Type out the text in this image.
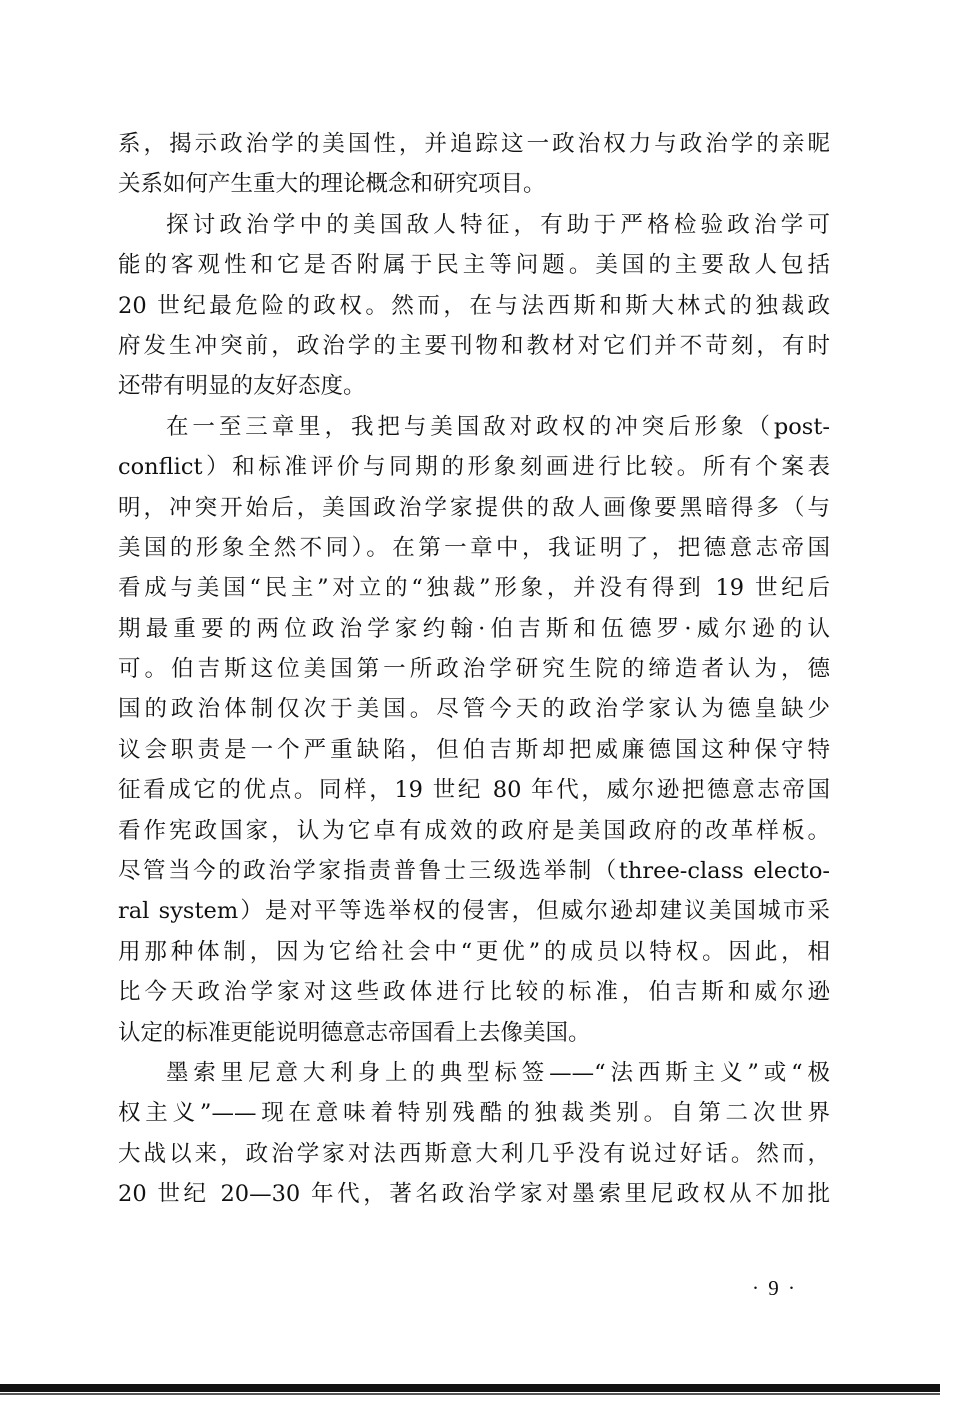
系，揭示政治学的美国性，并追踪这一政治权力与政治学的亲昵
关系如何产生重大的理论概念和研究项目。
探讨政治学中的美国敌人特征，有助于严格检验政治学可
能的客观性和它是否附属于民主等问题。美国的主要敌人包括
20 世纪最危险的政权。然而，在与法西斯和斯大林式的独裁政
府发生冲突前，政治学的主要刊物和教材对它们并不苛刻，有时
还带有明显的友好态度。
在一至三章里，我把与美国敌对政权的冲突后形象（post-
conflict）和标准评价与同期的形象刻画进行比较。所有个案表
明，冲突开始后，美国政治学家提供的敌人画像要黑暗得多（与
美国的形象全然不同）。在第一章中，我证明了，把德意志帝国
看成与美国“民主”对立的“独裁”形象，并没有得到 19 世纪后
期最重要的两位政治学家约翰·伯吉斯和伍德罗·威尔逊的认
可。伯吉斯这位美国第一所政治学研究生院的缔造者认为，德
国的政治体制仅次于美国。尽管今天的政治学家认为德皇缺少
议会职责是一个严重缺陷，但伯吉斯却把威廉德国这种保守特
征看成它的优点。同样，19 世纪 80 年代，威尔逊把德意志帝国
看作宪政国家，认为它卓有成效的政府是美国政府的改革样板。
尽管当今的政治学家指责普鲁士三级选举制（three-class electo-
ral system）是对平等选举权的侵害，但威尔逊却建议美国城市采
用那种体制，因为它给社会中“更优”的成员以特权。因此，相
比今天政治学家对这些政体进行比较的标准，伯吉斯和威尔逊
认定的标准更能说明德意志帝国看上去像美国。
墨索里尼意大利身上的典型标签——“法西斯主义”或“极
权主义”——现在意味着特别残酷的独裁类别。自第二次世界
大战以来，政治学家对法西斯意大利几乎没有说过好话。然而，
20 世纪 20—30 年代，著名政治学家对墨索里尼政权从不加批
· 9 ·
